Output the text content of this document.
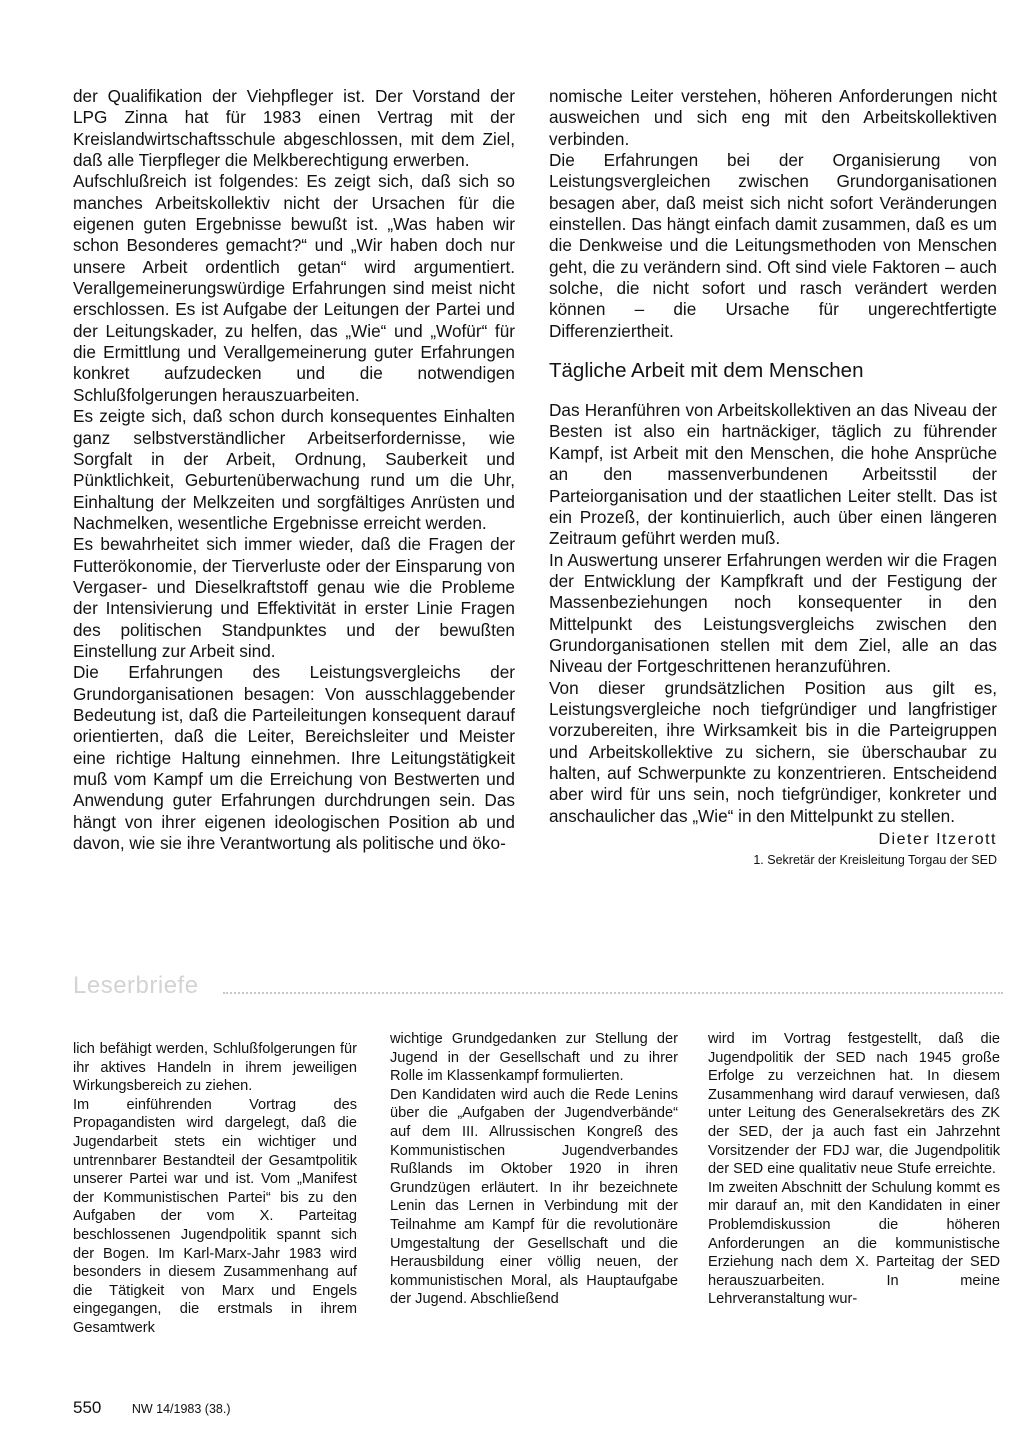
der Qualifikation der Viehpfleger ist. Der Vorstand der LPG Zinna hat für 1983 einen Vertrag mit der Kreislandwirtschaftsschule abgeschlossen, mit dem Ziel, daß alle Tierpfleger die Melkberechtigung erwerben.

Aufschlußreich ist folgendes: Es zeigt sich, daß sich so manches Arbeitskollektiv nicht der Ursachen für die eigenen guten Ergebnisse bewußt ist. „Was haben wir schon Besonderes gemacht?“ und „Wir haben doch nur unsere Arbeit ordentlich getan“ wird argumentiert. Verallgemeinerungswürdige Erfahrungen sind meist nicht erschlossen. Es ist Aufgabe der Leitungen der Partei und der Leitungskader, zu helfen, das „Wie“ und „Wofür“ für die Ermittlung und Verallgemeinerung guter Erfahrungen konkret aufzudecken und die notwendigen Schlußfolgerungen herauszuarbeiten.

Es zeigte sich, daß schon durch konsequentes Einhalten ganz selbstverständlicher Arbeitserfordernisse, wie Sorgfalt in der Arbeit, Ordnung, Sauberkeit und Pünktlichkeit, Geburtenüberwachung rund um die Uhr, Einhaltung der Melkzeiten und sorgfältiges Anrüsten und Nachmelken, wesentliche Ergebnisse erreicht werden.

Es bewahrheitet sich immer wieder, daß die Fragen der Futterökonomie, der Tierverluste oder der Einsparung von Vergaser- und Dieselkraftstoff genau wie die Probleme der Intensivierung und Effektivität in erster Linie Fragen des politischen Standpunktes und der bewußten Einstellung zur Arbeit sind.

Die Erfahrungen des Leistungsvergleichs der Grundorganisationen besagen: Von ausschlaggebender Bedeutung ist, daß die Parteileitungen konsequent darauf orientierten, daß die Leiter, Bereichsleiter und Meister eine richtige Haltung einnehmen. Ihre Leitungstätigkeit muß vom Kampf um die Erreichung von Bestwerten und Anwendung guter Erfahrungen durchdrungen sein. Das hängt von ihrer eigenen ideologischen Position ab und davon, wie sie ihre Verantwortung als politische und öko-

nomische Leiter verstehen, höheren Anforderungen nicht ausweichen und sich eng mit den Arbeitskollektiven verbinden.

Die Erfahrungen bei der Organisierung von Leistungsvergleichen zwischen Grundorganisationen besagen aber, daß meist sich nicht sofort Veränderungen einstellen. Das hängt einfach damit zusammen, daß es um die Denkweise und die Leitungsmethoden von Menschen geht, die zu verändern sind. Oft sind viele Faktoren – auch solche, die nicht sofort und rasch verändert werden können – die Ursache für ungerechtfertigte Differenziertheit.

Tägliche Arbeit mit dem Menschen

Das Heranführen von Arbeitskollektiven an das Niveau der Besten ist also ein hartnäckiger, täglich zu führender Kampf, ist Arbeit mit den Menschen, die hohe Ansprüche an den massenverbundenen Arbeitsstil der Parteiorganisation und der staatlichen Leiter stellt. Das ist ein Prozeß, der kontinuierlich, auch über einen längeren Zeitraum geführt werden muß.

In Auswertung unserer Erfahrungen werden wir die Fragen der Entwicklung der Kampfkraft und der Festigung der Massenbeziehungen noch konsequenter in den Mittelpunkt des Leistungsvergleichs zwischen den Grundorganisationen stellen mit dem Ziel, alle an das Niveau der Fortgeschrittenen heranzuführen.

Von dieser grundsätzlichen Position aus gilt es, Leistungsvergleiche noch tiefgründiger und langfristiger vorzubereiten, ihre Wirksamkeit bis in die Parteigruppen und Arbeitskollektive zu sichern, sie überschaubar zu halten, auf Schwerpunkte zu konzentrieren. Entscheidend aber wird für uns sein, noch tiefgründiger, konkreter und anschaulicher das „Wie“ in den Mittelpunkt zu stellen.

Dieter Itzerott
1. Sekretär der Kreisleitung Torgau der SED
Leserbriefe

lich befähigt werden, Schlußfolgerungen für ihr aktives Handeln in ihrem jeweiligen Wirkungsbereich zu ziehen.

Im einführenden Vortrag des Propagandisten wird dargelegt, daß die Jugendarbeit stets ein wichtiger und untrennbarer Bestandteil der Gesamtpolitik unserer Partei war und ist. Vom „Manifest der Kommunistischen Partei“ bis zu den Aufgaben der vom X. Parteitag beschlossenen Jugendpolitik spannt sich der Bogen. Im Karl-Marx-Jahr 1983 wird besonders in diesem Zusammenhang auf die Tätigkeit von Marx und Engels eingegangen, die erstmals in ihrem Gesamtwerk

wichtige Grundgedanken zur Stellung der Jugend in der Gesellschaft und zu ihrer Rolle im Klassenkampf formulierten.

Den Kandidaten wird auch die Rede Lenins über die „Aufgaben der Jugendverbände“ auf dem III. Allrussischen Kongreß des Kommunistischen Jugendverbandes Rußlands im Oktober 1920 in ihren Grundzügen erläutert. In ihr bezeichnete Lenin das Lernen in Verbindung mit der Teilnahme am Kampf für die revolutionäre Umgestaltung der Gesellschaft und die Herausbildung einer völlig neuen, der kommunistischen Moral, als Hauptaufgabe der Jugend. Abschließend

wird im Vortrag festgestellt, daß die Jugendpolitik der SED nach 1945 große Erfolge zu verzeichnen hat. In diesem Zusammenhang wird darauf verwiesen, daß unter Leitung des Generalsekretärs des ZK der SED, der ja auch fast ein Jahrzehnt Vorsitzender der FDJ war, die Jugendpolitik der SED eine qualitativ neue Stufe erreichte.

Im zweiten Abschnitt der Schulung kommt es mir darauf an, mit den Kandidaten in einer Problemdiskussion die höheren Anforderungen an die kommunistische Erziehung nach dem X. Parteitag der SED herauszuarbeiten. In meine Lehrveranstaltung wur-

550 NW 14/1983 (38.)
